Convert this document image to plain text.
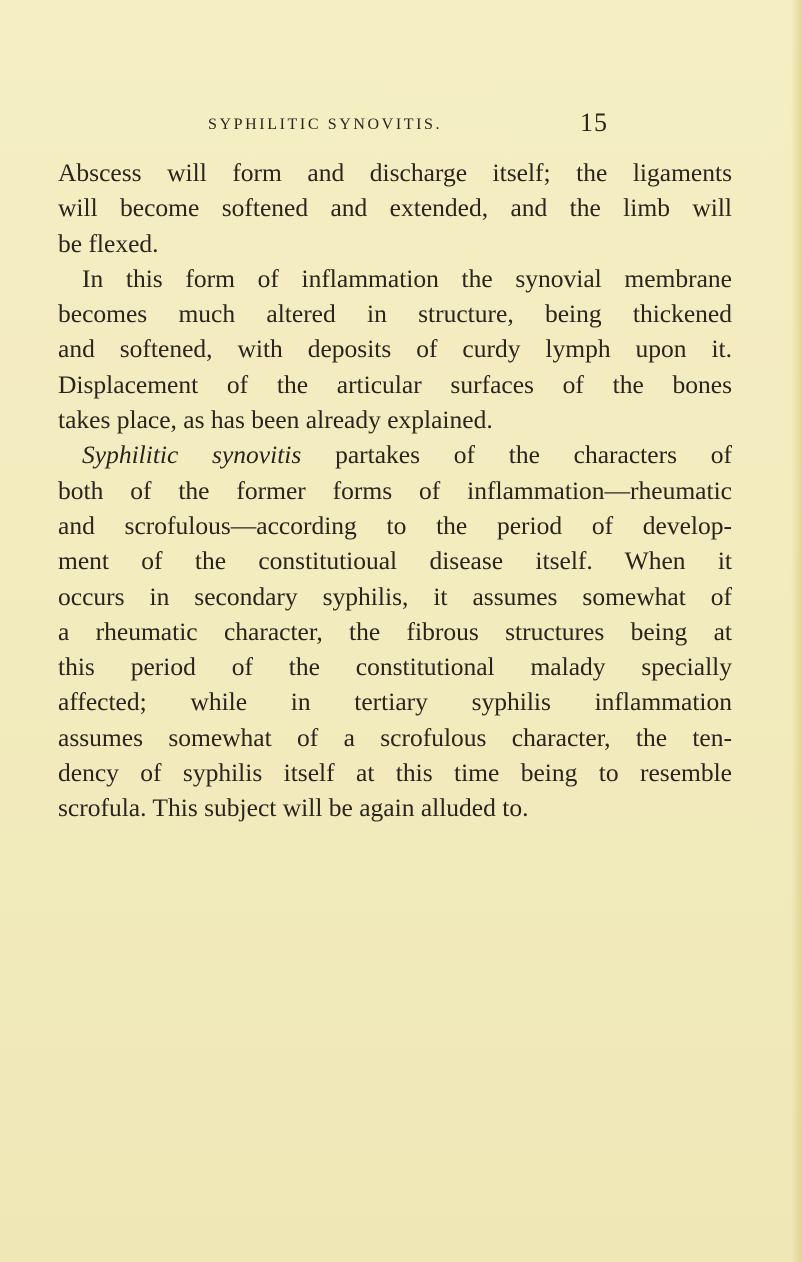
SYPHILITIC SYNOVITIS.	15
Abscess will form and discharge itself; the ligaments
will become softened and extended, and the limb will
be flexed.
In this form of inflammation the synovial membrane
becomes much altered in structure, being thickened
and softened, with deposits of curdy lymph upon it.
Displacement of the articular surfaces of the bones
takes place, as has been already explained.
Syphilitic synovitis partakes of the characters of
both of the former forms of inflammation—rheumatic
and scrofulous—according to the period of develop-
ment of the constitutioual disease itself. When it
occurs in secondary syphilis, it assumes somewhat of
a rheumatic character, the fibrous structures being at
this period of the constitutional malady specially
affected; while in tertiary syphilis inflammation
assumes somewhat of a scrofulous character, the ten-
dency of syphilis itself at this time being to resemble
scrofula. This subject will be again alluded to.
